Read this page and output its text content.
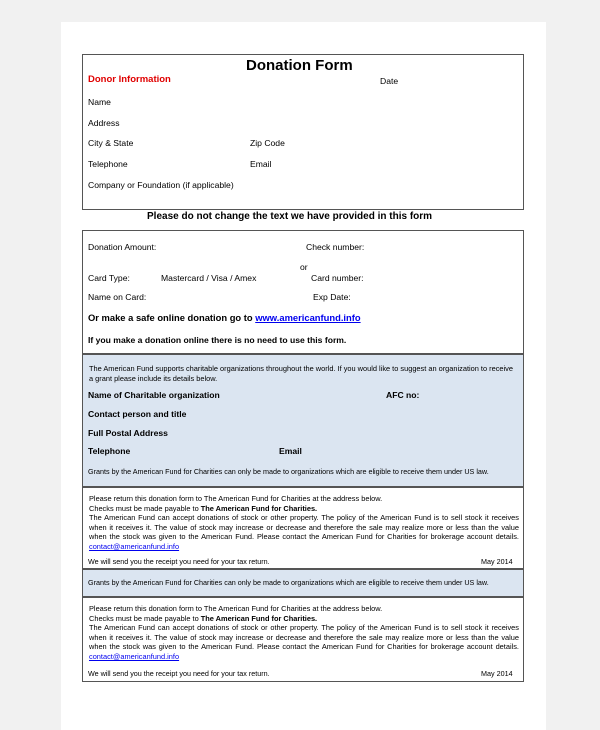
Donation Form
Donor Information	Date
Name
Address
City & State	Zip Code
Telephone	Email
Company or Foundation (if applicable)
Please do not change the text we have provided in this form
Donation Amount:	Check number:
or
Card Type:	Mastercard / Visa / Amex	Card number:
Name on Card:	Exp Date:
Or make a safe online donation go to www.americanfund.info
If you make a donation online there is no need to use this form.
The American Fund supports charitable organizations throughout the world. If you would like to suggest an organization to receive a grant please include its details below.
Name of Charitable organization	AFC no:
Contact person and title
Full Postal Address
Telephone	Email
Grants by the American Fund for Charities can only be made to organizations which are eligible to receive them under US law.
Please return this donation form to The American Fund for Charities at the address below.
Checks must be made payable to The American Fund for Charities.
The American Fund can accept donations of stock or other property. The policy of the American Fund is to sell stock it receives when it receives it. The value of stock may increase or decrease and therefore the sale may realize more or less than the value when the stock was given to the American Fund. Please contact the American Fund for Charities for brokerage account details. contact@americanfund.info
We will send you the receipt you need for your tax return.	May 2014
Grants by the American Fund for Charities can only be made to organizations which are eligible to receive them under US law.
Please return this donation form to The American Fund for Charities at the address below.
Checks must be made payable to The American Fund for Charities.
The American Fund can accept donations of stock or other property. The policy of the American Fund is to sell stock it receives when it receives it. The value of stock may increase or decrease and therefore the sale may realize more or less than the value when the stock was given to the American Fund. Please contact the American Fund for Charities for brokerage account details. contact@americanfund.info
We will send you the receipt you need for your tax return.	May 2014
